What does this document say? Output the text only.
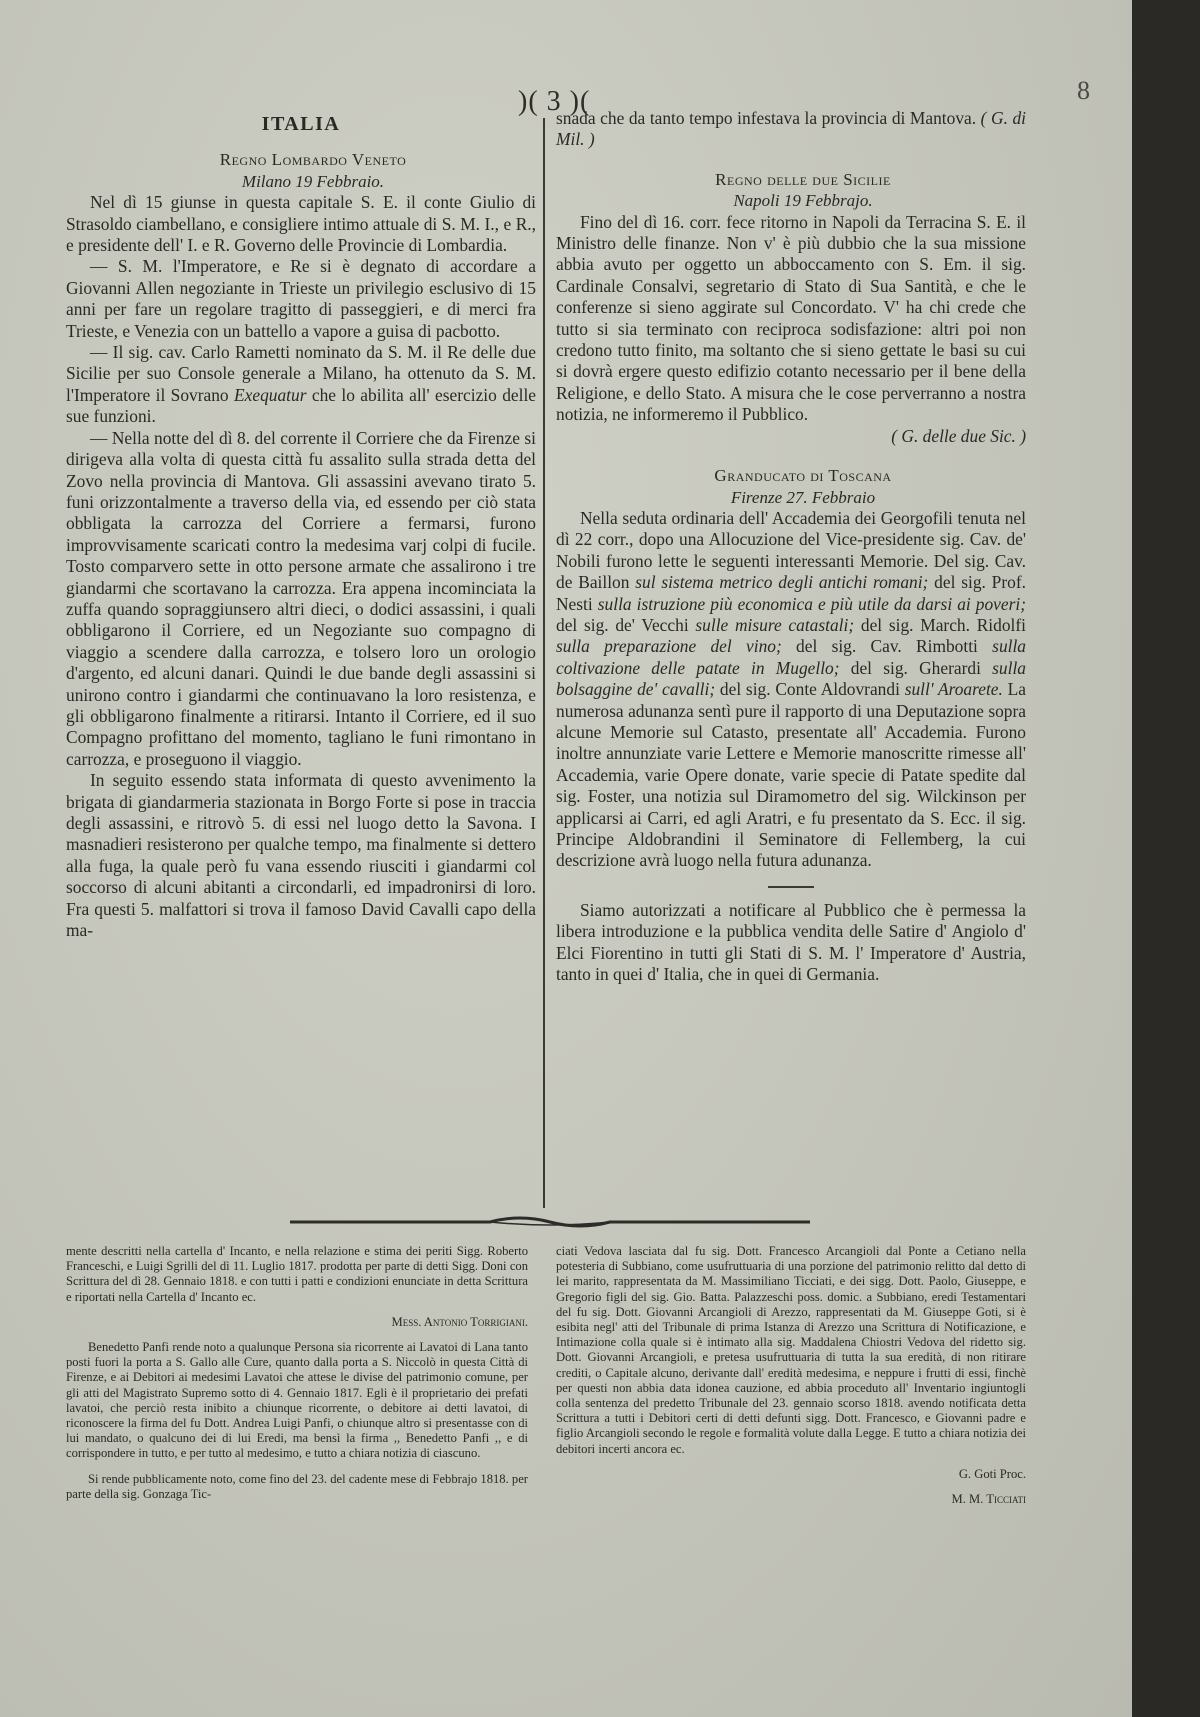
8
)( 3 )(
ITALIA

Regno Lombardo Veneto

Milano 19 Febbraio.

Nel dì 15 giunse in questa capitale S. E. il conte Giulio di Strasoldo ciambellano, e consigliere intimo attuale di S. M. I., e R., e presidente dell' I. e R. Governo delle Provincie di Lombardia.

— S. M. l'Imperatore, e Re si è degnato di accordare a Giovanni Allen negoziante in Trieste un privilegio esclusivo di 15 anni per fare un regolare tragitto di passeggieri, e di merci fra Trieste, e Venezia con un battello a vapore a guisa di pacbotto.

— Il sig. cav. Carlo Rametti nominato da S. M. il Re delle due Sicilie per suo Console generale a Milano, ha ottenuto da S. M. l'Imperatore il Sovrano Exequatur che lo abilita all' esercizio delle sue funzioni.

— Nella notte del dì 8. del corrente il Corriere che da Firenze si dirigeva alla volta di questa città fu assalito sulla strada detta del Zovo nella provincia di Mantova. Gli assassini avevano tirato 5. funi orizzontalmente a traverso della via, ed essendo per ciò stata obbligata la carrozza del Corriere a fermarsi, furono improvvisamente scaricati contro la medesima varj colpi di fucile. Tosto comparvero sette in otto persone armate che assalirono i tre giandarmi che scortavano la carrozza. Era appena incominciata la zuffa quando sopraggiunsero altri dieci, o dodici assassini, i quali obbligarono il Corriere, ed un Negoziante suo compagno di viaggio a scendere dalla carrozza, e tolsero loro un orologio d'argento, ed alcuni danari. Quindi le due bande degli assassini si unirono contro i giandarmi che continuavano la loro resistenza, e gli obbligarono finalmente a ritirarsi. Intanto il Corriere, ed il suo Compagno profittano del momento, tagliano le funi rimontano in carrozza, e proseguono il viaggio.

In seguito essendo stata informata di questo avvenimento la brigata di giandarmeria stazionata in Borgo Forte si pose in traccia degli assassini, e ritrovò 5. di essi nel luogo detto la Savona. I masnadieri resisterono per qualche tempo, ma finalmente si dettero alla fuga, la quale però fu vana essendo riusciti i giandarmi col soccorso di alcuni abitanti a circondarli, ed impadronirsi di loro. Fra questi 5. malfattori si trova il famoso David Cavalli capo della ma-

snada che da tanto tempo infestava la provincia di Mantova. ( G. di Mil. )

Regno delle due Sicilie

Napoli 19 Febbrajo.

Fino del dì 16. corr. fece ritorno in Napoli da Terracina S. E. il Ministro delle finanze. Non v' è più dubbio che la sua missione abbia avuto per oggetto un abboccamento con S. Em. il sig. Cardinale Consalvi, segretario di Stato di Sua Santità, e che le conferenze si sieno aggirate sul Concordato. V' ha chi crede che tutto si sia terminato con reciproca sodisfazione: altri poi non credono tutto finito, ma soltanto che si sieno gettate le basi su cui si dovrà ergere questo edifizio cotanto necessario per il bene della Religione, e dello Stato. A misura che le cose perverranno a nostra notizia, ne informeremo il Pubblico.

( G. delle due Sic. )

Granducato di Toscana

Firenze 27. Febbraio

Nella seduta ordinaria dell' Accademia dei Georgofili tenuta nel dì 22 corr., dopo una Allocuzione del Vice-presidente sig. Cav. de' Nobili furono lette le seguenti interessanti Memorie. Del sig. Cav. de Baillon sul sistema metrico degli antichi romani; del sig. Prof. Nesti sulla istruzione più economica e più utile da darsi ai poveri; del sig. de' Vecchi sulle misure catastali; del sig. March. Ridolfi sulla preparazione del vino; del sig. Cav. Rimbotti sulla coltivazione delle patate in Mugello; del sig. Gherardi sulla bolsaggine de' cavalli; del sig. Conte Aldovrandi sull' Aroarete. La numerosa adunanza sentì pure il rapporto di una Deputazione sopra alcune Memorie sul Catasto, presentate all' Accademia. Furono inoltre annunziate varie Lettere e Memorie manoscritte rimesse all' Accademia, varie Opere donate, varie specie di Patate spedite dal sig. Foster, una notizia sul Diramometro del sig. Wilckinson per applicarsi ai Carri, ed agli Aratri, e fu presentato da S. Ecc. il sig. Principe Aldobrandini il Seminatore di Fellemberg, la cui descrizione avrà luogo nella futura adunanza.

Siamo autorizzati a notificare al Pubblico che è permessa la libera introduzione e la pubblica vendita delle Satire d' Angiolo d' Elci Fiorentino in tutti gli Stati di S. M. l' Imperatore d' Austria, tanto in quei d' Italia, che in quei di Germania.

mente descritti nella cartella d' Incanto, e nella relazione e stima dei periti Sigg. Roberto Franceschi, e Luigi Sgrilli del dì 11. Luglio 1817. prodotta per parte di detti Sigg. Doni con Scrittura del dì 28. Gennaio 1818. e con tutti i patti e condizioni enunciate in detta Scrittura e riportati nella Cartella d' Incanto ec.

Mess. Antonio Torrigiani.

Benedetto Panfi rende noto a qualunque Persona sia ricorrente ai Lavatoi di Lana tanto posti fuori la porta a S. Gallo alle Cure, quanto dalla porta a S. Niccolò in questa Città di Firenze, e ai Debitori ai medesimi Lavatoi che attese le divise del patrimonio comune, per gli atti del Magistrato Supremo sotto di 4. Gennaio 1817. Egli è il proprietario dei prefati lavatoi, che perciò resta inibito a chiunque ricorrente, o debitore ai detti lavatoi, di riconoscere la firma del fu Dott. Andrea Luigi Panfi, o chiunque altro si presentasse con di lui mandato, o qualcuno dei di lui Eredi, ma bensì la firma ,, Benedetto Panfi ,, e di corrispondere in tutto, e per tutto al medesimo, e tutto a chiara notizia di ciascuno.

Si rende pubblicamente noto, come fino del 23. del cadente mese di Febbrajo 1818. per parte della sig. Gonzaga Tic-

ciati Vedova lasciata dal fu sig. Dott. Francesco Arcangioli dal Ponte a Cetiano nella potesteria di Subbiano, come usufruttuaria di una porzione del patrimonio relitto dal detto di lei marito, rappresentata da M. Massimiliano Ticciati, e dei sigg. Dott. Paolo, Giuseppe, e Gregorio figli del sig. Gio. Batta. Palazzeschi poss. domic. a Subbiano, eredi Testamentari del fu sig. Dott. Giovanni Arcangioli di Arezzo, rappresentati da M. Giuseppe Goti, si è esibita negl' atti del Tribunale di prima Istanza di Arezzo una Scrittura di Notificazione, e Intimazione colla quale si è intimato alla sig. Maddalena Chiostri Vedova del ridetto sig. Dott. Giovanni Arcangioli, e pretesa usufruttuaria di tutta la sua eredità, di non ritirare crediti, o Capitale alcuno, derivante dall' eredità medesima, e neppure i frutti di essi, finchè per questi non abbia data idonea cauzione, ed abbia proceduto all' Inventario ingiuntogli colla sentenza del predetto Tribunale del 23. gennaio scorso 1818. avendo notificata detta Scrittura a tutti i Debitori certi di detti defunti sigg. Dott. Francesco, e Giovanni padre e figlio Arcangioli secondo le regole e formalità volute dalla Legge. E tutto a chiara notizia dei debitori incerti ancora ec.

G. Goti Proc.

M. M. Ticciati
